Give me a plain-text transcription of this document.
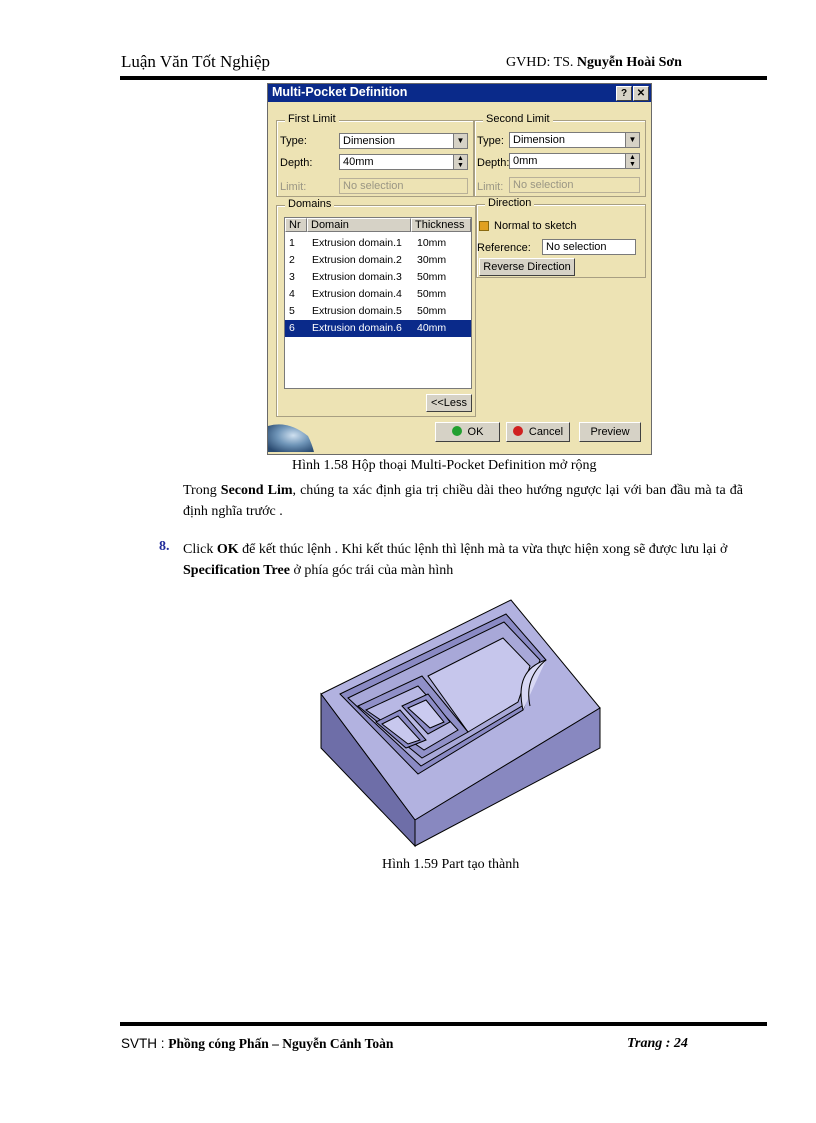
Luận Văn Tốt Nghiệp	GVHD: TS. Nguyễn Hoài Sơn
Multi-Pocket Definition	? ✕
First Limit
Type:	Dimension	▼
Depth:	40mm	▲
▼
Limit:	No selection
Second Limit
Type: Dimension	▼
Depth: 0mm	▲
▼
Limit: No selection
Domains
Nr Domain	Thickness
1 Extrusion domain.1 10mm
2 Extrusion domain.2 30mm
3 Extrusion domain.3 50mm
4 Extrusion domain.4 50mm
5 Extrusion domain.5 50mm
6 Extrusion domain.6 40mm
<<Less
Direction
Normal to sketch
Reference:	No selection
Reverse Direction
OK	Cancel	Preview
Hình 1.58 Hộp thoại Multi-Pocket Definition mở rộng
Trong Second Lim, chúng ta xác định gia trị chiều dài theo hướng ngược lại với ban đầu mà ta đã định nghĩa trước .
8. Click OK để kết thúc lệnh . Khi kết thúc lệnh thì lệnh mà ta vừa thực hiện xong sẽ được lưu lại ở Specification Tree ở phía góc trái của màn hình
Hình 1.59 Part tạo thành
SVTH : Phồng cóng Phấn – Nguyễn Cảnh Toàn	Trang : 24
